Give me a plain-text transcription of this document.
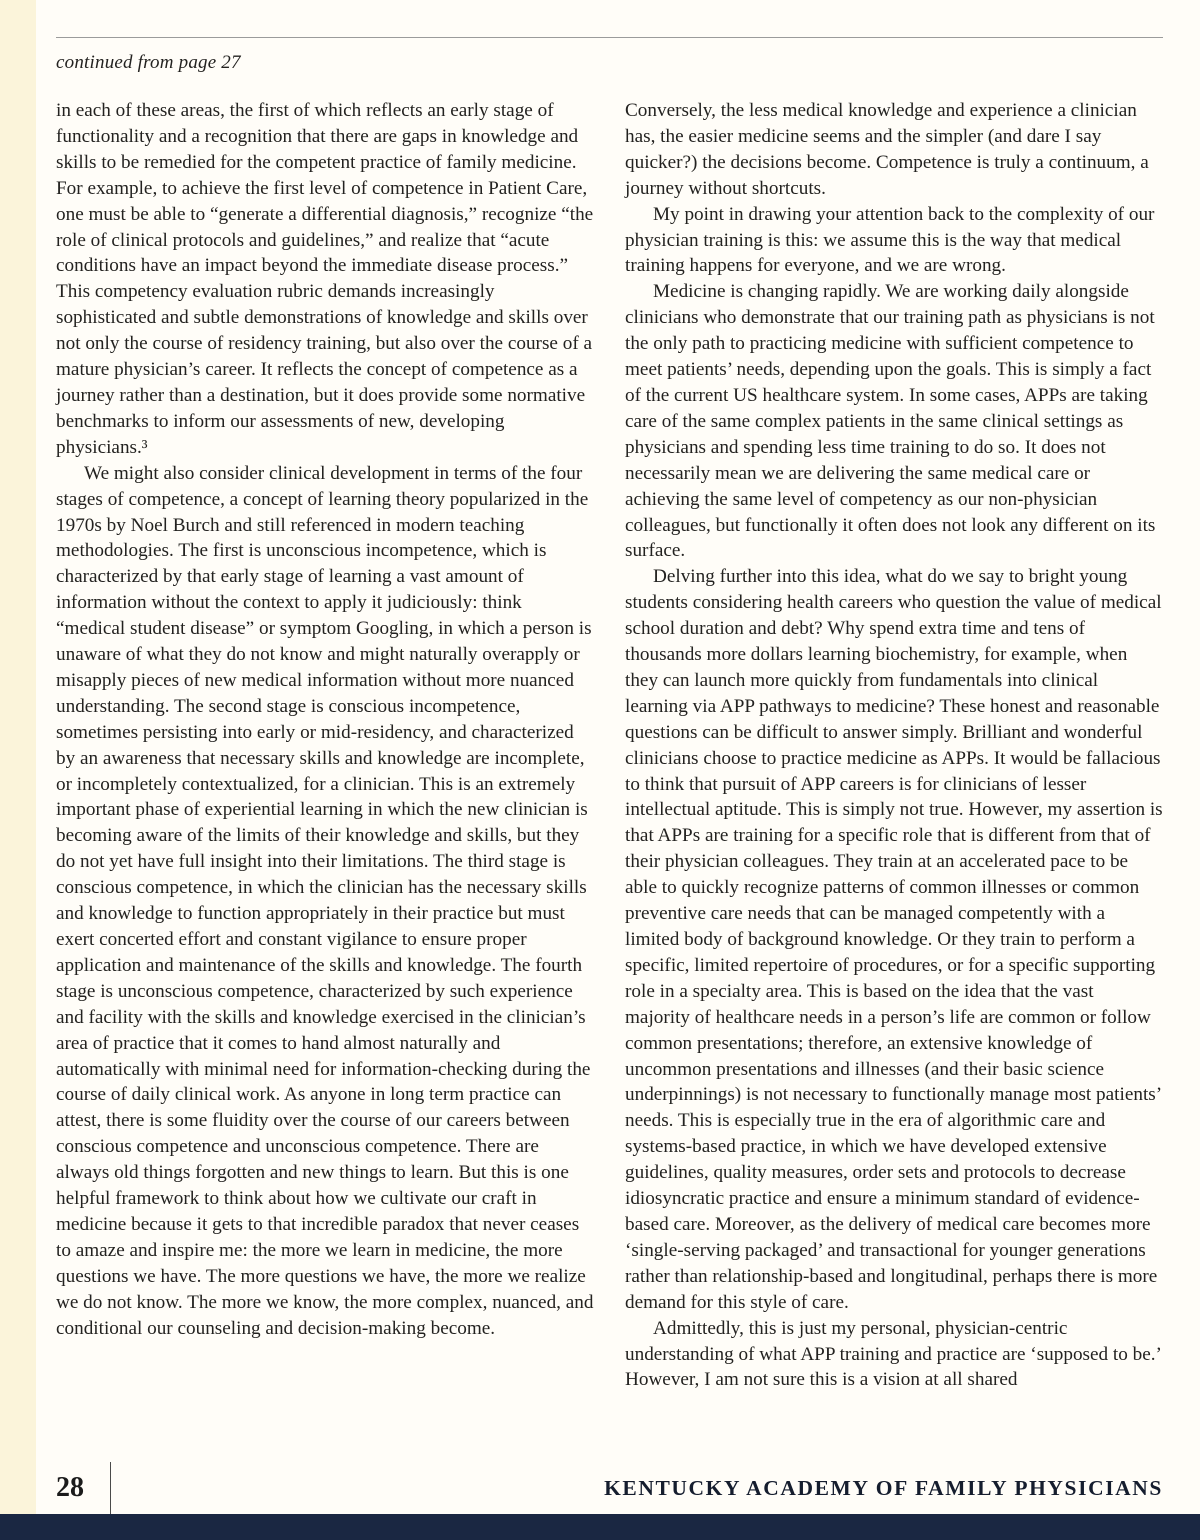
continued from page 27

in each of these areas, the first of which reflects an early stage of functionality and a recognition that there are gaps in knowledge and skills to be remedied for the competent practice of family medicine. For example, to achieve the first level of competence in Patient Care, one must be able to “generate a differential diagnosis,” recognize “the role of clinical protocols and guidelines,” and realize that “acute conditions have an impact beyond the immediate disease process.” This competency evaluation rubric demands increasingly sophisticated and subtle demonstrations of knowledge and skills over not only the course of residency training, but also over the course of a mature physician’s career. It reflects the concept of competence as a journey rather than a destination, but it does provide some normative benchmarks to inform our assessments of new, developing physicians.³

We might also consider clinical development in terms of the four stages of competence, a concept of learning theory popularized in the 1970s by Noel Burch and still referenced in modern teaching methodologies. The first is unconscious incompetence, which is characterized by that early stage of learning a vast amount of information without the context to apply it judiciously: think “medical student disease” or symptom Googling, in which a person is unaware of what they do not know and might naturally overapply or misapply pieces of new medical information without more nuanced understanding. The second stage is conscious incompetence, sometimes persisting into early or mid-residency, and characterized by an awareness that necessary skills and knowledge are incomplete, or incompletely contextualized, for a clinician. This is an extremely important phase of experiential learning in which the new clinician is becoming aware of the limits of their knowledge and skills, but they do not yet have full insight into their limitations. The third stage is conscious competence, in which the clinician has the necessary skills and knowledge to function appropriately in their practice but must exert concerted effort and constant vigilance to ensure proper application and maintenance of the skills and knowledge. The fourth stage is unconscious competence, characterized by such experience and facility with the skills and knowledge exercised in the clinician’s area of practice that it comes to hand almost naturally and automatically with minimal need for information-checking during the course of daily clinical work. As anyone in long term practice can attest, there is some fluidity over the course of our careers between conscious competence and unconscious competence. There are always old things forgotten and new things to learn. But this is one helpful framework to think about how we cultivate our craft in medicine because it gets to that incredible paradox that never ceases to amaze and inspire me: the more we learn in medicine, the more questions we have. The more questions we have, the more we realize we do not know. The more we know, the more complex, nuanced, and conditional our counseling and decision-making become.

Conversely, the less medical knowledge and experience a clinician has, the easier medicine seems and the simpler (and dare I say quicker?) the decisions become. Competence is truly a continuum, a journey without shortcuts.

My point in drawing your attention back to the complexity of our physician training is this: we assume this is the way that medical training happens for everyone, and we are wrong.

Medicine is changing rapidly. We are working daily alongside clinicians who demonstrate that our training path as physicians is not the only path to practicing medicine with sufficient competence to meet patients’ needs, depending upon the goals. This is simply a fact of the current US healthcare system. In some cases, APPs are taking care of the same complex patients in the same clinical settings as physicians and spending less time training to do so. It does not necessarily mean we are delivering the same medical care or achieving the same level of competency as our non-physician colleagues, but functionally it often does not look any different on its surface.

Delving further into this idea, what do we say to bright young students considering health careers who question the value of medical school duration and debt? Why spend extra time and tens of thousands more dollars learning biochemistry, for example, when they can launch more quickly from fundamentals into clinical learning via APP pathways to medicine? These honest and reasonable questions can be difficult to answer simply. Brilliant and wonderful clinicians choose to practice medicine as APPs. It would be fallacious to think that pursuit of APP careers is for clinicians of lesser intellectual aptitude. This is simply not true. However, my assertion is that APPs are training for a specific role that is different from that of their physician colleagues. They train at an accelerated pace to be able to quickly recognize patterns of common illnesses or common preventive care needs that can be managed competently with a limited body of background knowledge. Or they train to perform a specific, limited repertoire of procedures, or for a specific supporting role in a specialty area. This is based on the idea that the vast majority of healthcare needs in a person’s life are common or follow common presentations; therefore, an extensive knowledge of uncommon presentations and illnesses (and their basic science underpinnings) is not necessary to functionally manage most patients’ needs. This is especially true in the era of algorithmic care and systems-based practice, in which we have developed extensive guidelines, quality measures, order sets and protocols to decrease idiosyncratic practice and ensure a minimum standard of evidence-based care. Moreover, as the delivery of medical care becomes more ‘single-serving packaged’ and transactional for younger generations rather than relationship-based and longitudinal, perhaps there is more demand for this style of care.

Admittedly, this is just my personal, physician-centric understanding of what APP training and practice are ‘supposed to be.’ However, I am not sure this is a vision at all shared

28	KENTUCKY ACADEMY OF FAMILY PHYSICIANS
